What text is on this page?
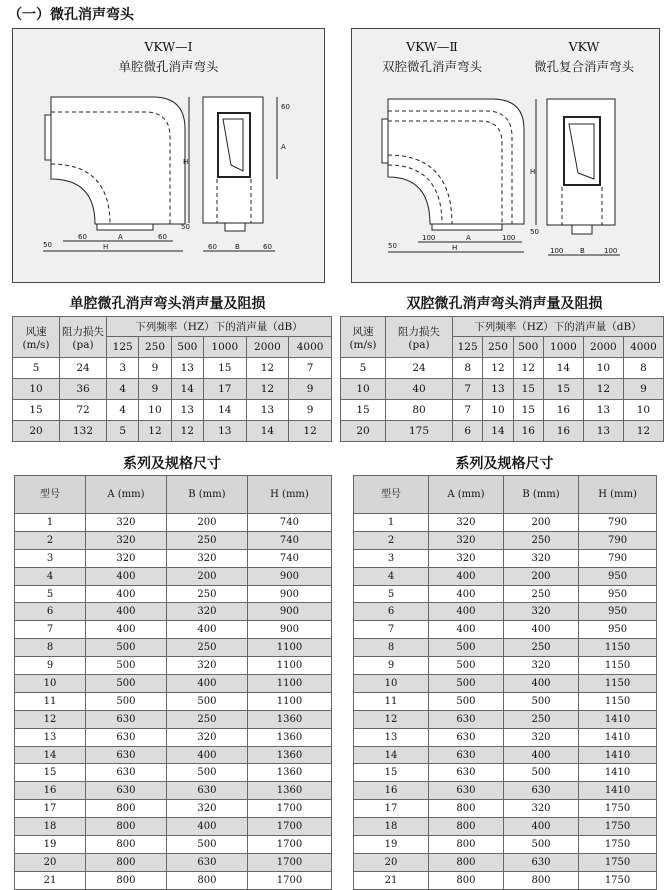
（一）微孔消声弯头
VKW—Ⅰ
单腔微孔消声弯头
60	A	60
50	H
H
60	B	60
60
A
50
VKW—Ⅱ
双腔微孔消声弯头
VKW
微孔复合消声弯头
100	A	100
50	H
H
100 B	100
50
单腔微孔消声弯头消声量及阻损	双腔微孔消声弯头消声量及阻损
风速 (m/s)	阻力损失 (pa)	下列频率（HZ）下的消声量（dB）					
		125	250	500	1000	2000	4000
5	24	3	9	13	15	12	7
10	36	4	9	14	17	12	9
15	72	4	10	13	14	13	9
20	132	5	12	12	13	14	12
风速 (m/s)	阻力损失 (pa)	下列频率（HZ）下的消声量（dB）					
		125	250	500	1000	2000	4000
5	24	8	12	12	14	10	8
10	40	7	13	15	15	12	9
15	80	7	10	15	16	13	10
20	175	6	14	16	16	13	12
系列及规格尺寸	系列及规格尺寸
型号	A (mm)	B (mm)	H (mm)
1	320	200	740
2	320	250	740
3	320	320	740
4	400	200	900
5	400	250	900
6	400	320	900
7	400	400	900
8	500	250	1100
9	500	320	1100
10	500	400	1100
11	500	500	1100
12	630	250	1360
13	630	320	1360
14	630	400	1360
15	630	500	1360
16	630	630	1360
17	800	320	1700
18	800	400	1700
19	800	500	1700
20	800	630	1700
21	800	800	1700
型号	A (mm)	B (mm)	H (mm)
1	320	200	790
2	320	250	790
3	320	320	790
4	400	200	950
5	400	250	950
6	400	320	950
7	400	400	950
8	500	250	1150
9	500	320	1150
10	500	400	1150
11	500	500	1150
12	630	250	1410
13	630	320	1410
14	630	400	1410
15	630	500	1410
16	630	630	1410
17	800	320	1750
18	800	400	1750
19	800	500	1750
20	800	630	1750
21	800	800	1750
